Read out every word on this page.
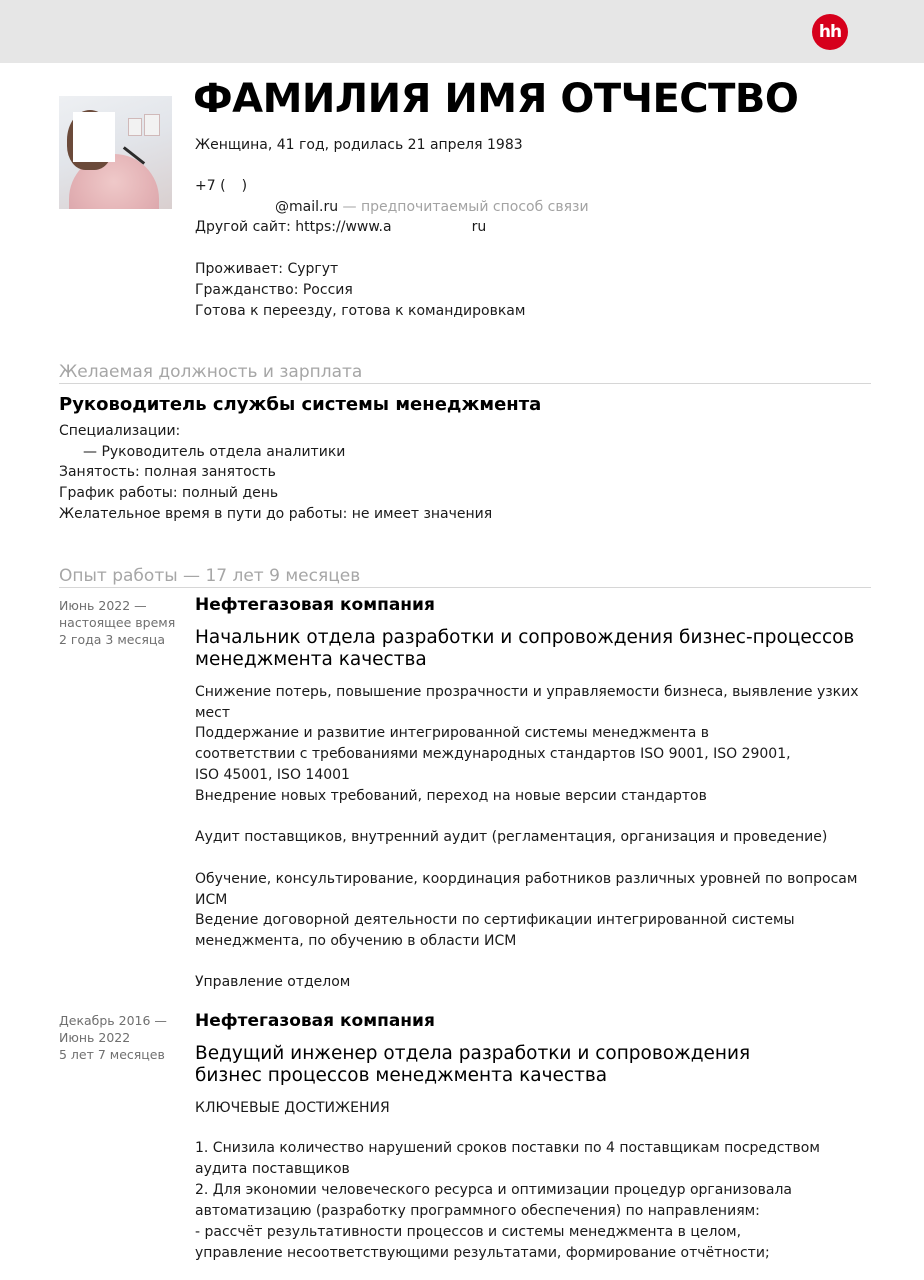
hh
ФАМИЛИЯ ИМЯ ОТЧЕСТВО
Женщина, 41 год, родилась 21 апреля 1983
+7 ( )
@mail.ru — предпочитаемый способ связи
Другой сайт: https://www.a	ru
Проживает: Сургут
Гражданство: Россия
Готова к переезду, готова к командировкам
Желаемая должность и зарплата
Руководитель службы системы менеджмента
Специализации:
— Руководитель отдела аналитики
Занятость: полная занятость
График работы: полный день
Желательное время в пути до работы: не имеет значения
Опыт работы — 17 лет 9 месяцев
Июнь 2022 —
настоящее время
2 года 3 месяца
Нефтегазовая компания
Начальник отдела разработки и сопровождения бизнес-процессов менеджмента качества
Снижение потерь, повышение прозрачности и управляемости бизнеса, выявление узких мест
Поддержание и развитие интегрированной системы менеджмента в соответствии с требованиями международных стандартов ISO 9001, ISO 29001, ISO 45001, ISO 14001
Внедрение новых требований, переход на новые версии стандартов
Аудит поставщиков, внутренний аудит (регламентация, организация и проведение)
Обучение, консультирование, координация работников различных уровней по вопросам ИСМ
Ведение договорной деятельности по сертификации интегрированной системы менеджмента, по обучению в области ИСМ
Управление отделом
Декабрь 2016 —
Июнь 2022
5 лет 7 месяцев
Нефтегазовая компания
Ведущий инженер отдела разработки и сопровождения бизнес процессов менеджмента качества
КЛЮЧЕВЫЕ ДОСТИЖЕНИЯ
1. Снизила количество нарушений сроков поставки по 4 поставщикам посредством аудита поставщиков
2. Для экономии человеческого ресурса и оптимизации процедур организовала автоматизацию (разработку программного обеспечения) по направлениям:
- рассчёт результативности процессов и системы менеджмента в целом, управление несоответствующими результатами, формирование отчётности;
